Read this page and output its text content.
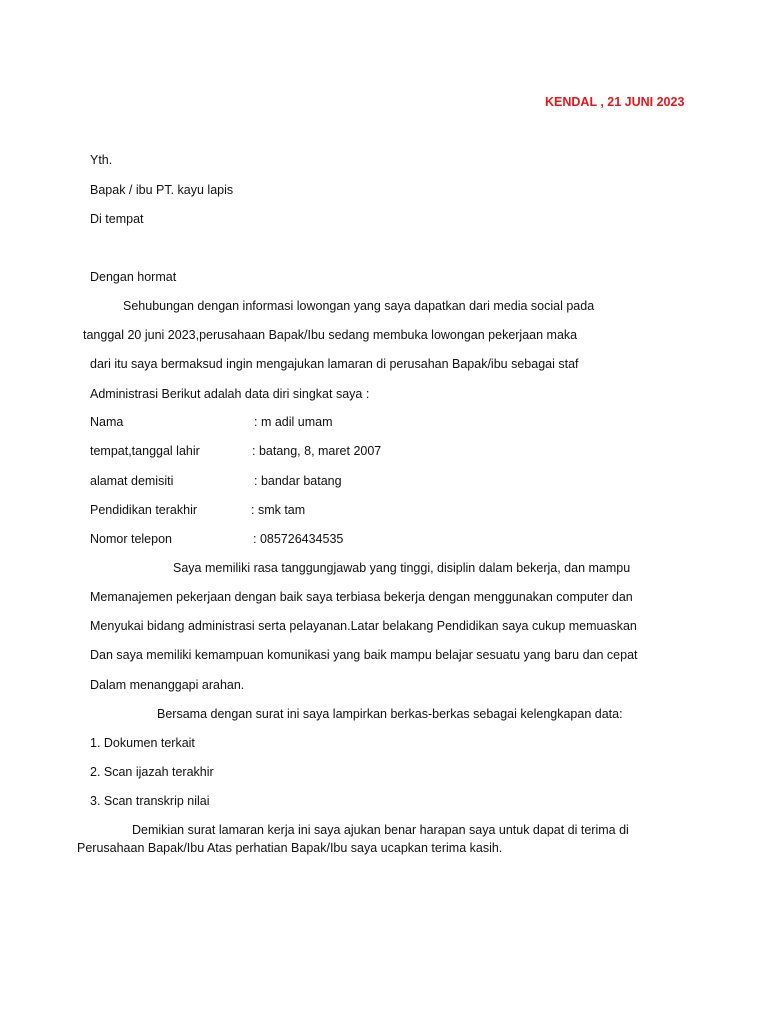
KENDAL , 21 JUNI 2023
Yth.
Bapak / ibu PT. kayu lapis
Di tempat
Dengan hormat
Sehubungan dengan informasi lowongan yang saya dapatkan dari media social pada
tanggal 20 juni 2023,perusahaan Bapak/Ibu sedang membuka lowongan pekerjaan maka
dari itu saya bermaksud ingin mengajukan lamaran di perusahan Bapak/ibu sebagai staf
Administrasi Berikut adalah data diri singkat saya :
Nama	: m adil umam
tempat,tanggal lahir	: batang, 8, maret 2007
alamat demisiti	: bandar batang
Pendidikan terakhir	: smk tam
Nomor telepon	: 085726434535
Saya memiliki rasa tanggungjawab yang tinggi, disiplin dalam bekerja, dan mampu
Memanajemen pekerjaan dengan baik saya terbiasa bekerja dengan menggunakan computer dan
Menyukai bidang administrasi serta pelayanan.Latar belakang Pendidikan saya cukup memuaskan
Dan saya memiliki kemampuan komunikasi yang baik mampu belajar sesuatu yang baru dan cepat
Dalam menanggapi arahan.
Bersama dengan surat ini saya lampirkan berkas-berkas sebagai kelengkapan data:
1. Dokumen terkait
2. Scan ijazah terakhir
3. Scan transkrip nilai
Demikian surat lamaran kerja ini saya ajukan benar harapan saya untuk dapat di terima di
Perusahaan Bapak/Ibu Atas perhatian Bapak/Ibu saya ucapkan terima kasih.
